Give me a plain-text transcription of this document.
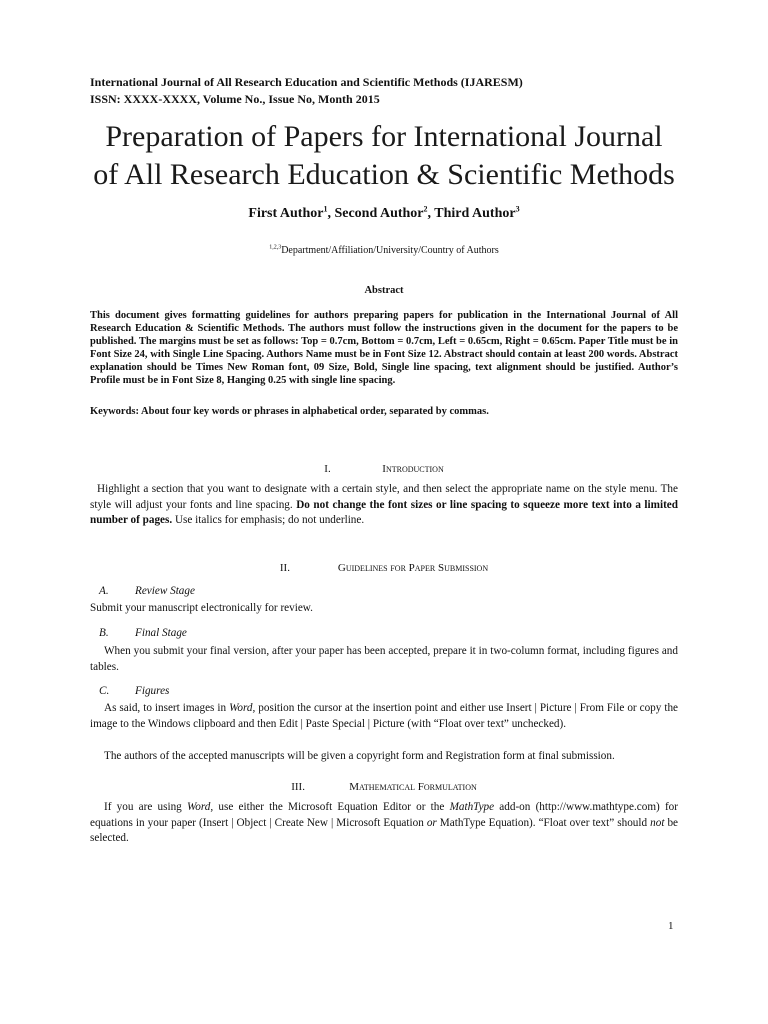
International Journal of All Research Education and Scientific Methods (IJARESM)
ISSN: XXXX-XXXX, Volume No., Issue No, Month 2015
Preparation of Papers for International Journal
of All Research Education & Scientific Methods
First Author$^1$, Second Author$^2$, Third Author$^3$
$^{1,2,3}$Department/Affiliation/University/Country of Authors
Abstract
This document gives formatting guidelines for authors preparing papers for publication in the International Journal of All Research Education & Scientific Methods. The authors must follow the instructions given in the document for the papers to be published. The margins must be set as follows: Top = 0.7cm, Bottom = 0.7cm, Left = 0.65cm, Right = 0.65cm. Paper Title must be in Font Size 24, with Single Line Spacing. Authors Name must be in Font Size 12. Abstract should contain at least 200 words. Abstract explanation should be Times New Roman font, 09 Size, Bold, Single line spacing, text alignment should be justified. Author’s Profile must be in Font Size 8, Hanging 0.25 with single line spacing.
Keywords: About four key words or phrases in alphabetical order, separated by commas.
I.	Introduction
Highlight a section that you want to designate with a certain style, and then select the appropriate name on the style menu. The style will adjust your fonts and line spacing. Do not change the font sizes or line spacing to squeeze more text into a limited number of pages. Use italics for emphasis; do not underline.
II.	Guidelines for Paper Submission
A. Review Stage
Submit your manuscript electronically for review.
B. Final Stage
When you submit your final version, after your paper has been accepted, prepare it in two-column format, including figures and tables.
C. Figures
As said, to insert images in Word, position the cursor at the insertion point and either use Insert | Picture | From File or copy the image to the Windows clipboard and then Edit | Paste Special | Picture (with “Float over text” unchecked).
The authors of the accepted manuscripts will be given a copyright form and Registration form at final submission.
III.	Mathematical Formulation
If you are using Word, use either the Microsoft Equation Editor or the MathType add-on (http://www.mathtype.com) for equations in your paper (Insert | Object | Create New | Microsoft Equation or MathType Equation). “Float over text” should not be selected.
1
